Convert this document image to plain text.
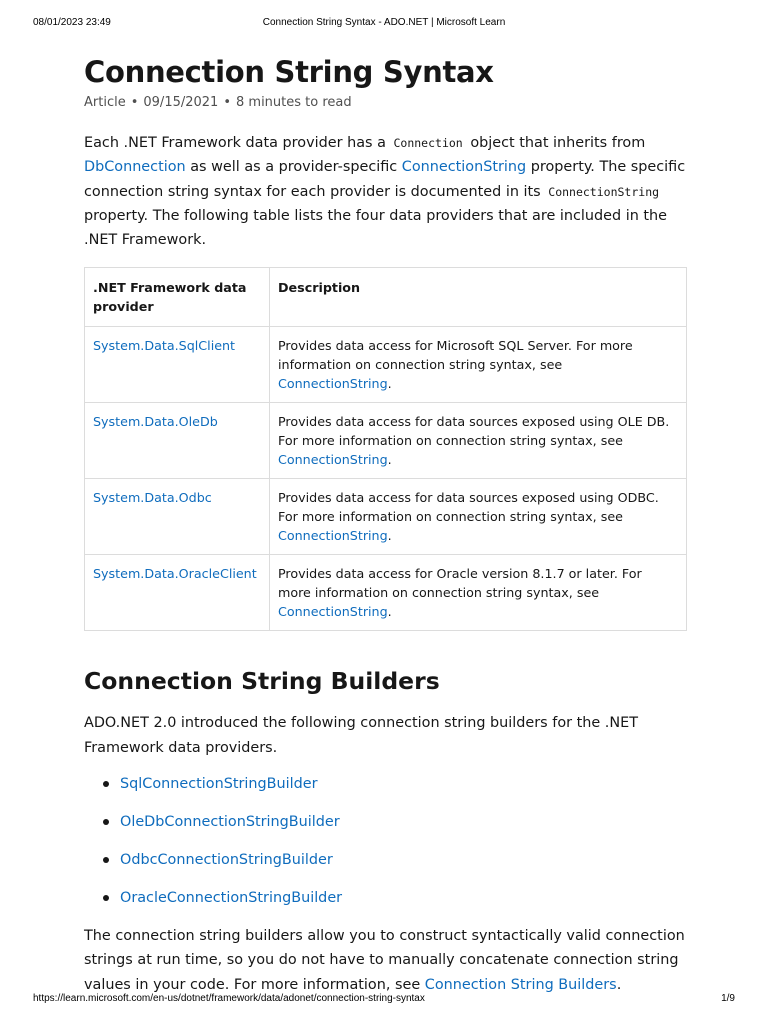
08/01/2023 23:49	Connection String Syntax - ADO.NET | Microsoft Learn
Connection String Syntax
Article • 09/15/2021 • 8 minutes to read

Each .NET Framework data provider has a Connection object that inherits from DbConnection as well as a provider-specific ConnectionString property. The specific connection string syntax for each provider is documented in its ConnectionString property. The following table lists the four data providers that are included in the .NET Framework.

.NET Framework data provider	Description
System.Data.SqlClient	Provides data access for Microsoft SQL Server. For more information on connection string syntax, see ConnectionString.
System.Data.OleDb	Provides data access for data sources exposed using OLE DB. For more information on connection string syntax, see ConnectionString.
System.Data.Odbc	Provides data access for data sources exposed using ODBC. For more information on connection string syntax, see ConnectionString.
System.Data.OracleClient	Provides data access for Oracle version 8.1.7 or later. For more information on connection string syntax, see ConnectionString.
Connection String Builders

ADO.NET 2.0 introduced the following connection string builders for the .NET Framework data providers.

SqlConnectionStringBuilder
OleDbConnectionStringBuilder
OdbcConnectionStringBuilder
OracleConnectionStringBuilder

The connection string builders allow you to construct syntactically valid connection strings at run time, so you do not have to manually concatenate connection string values in your code. For more information, see Connection String Builders.

https://learn.microsoft.com/en-us/dotnet/framework/data/adonet/connection-string-syntax	1/9
